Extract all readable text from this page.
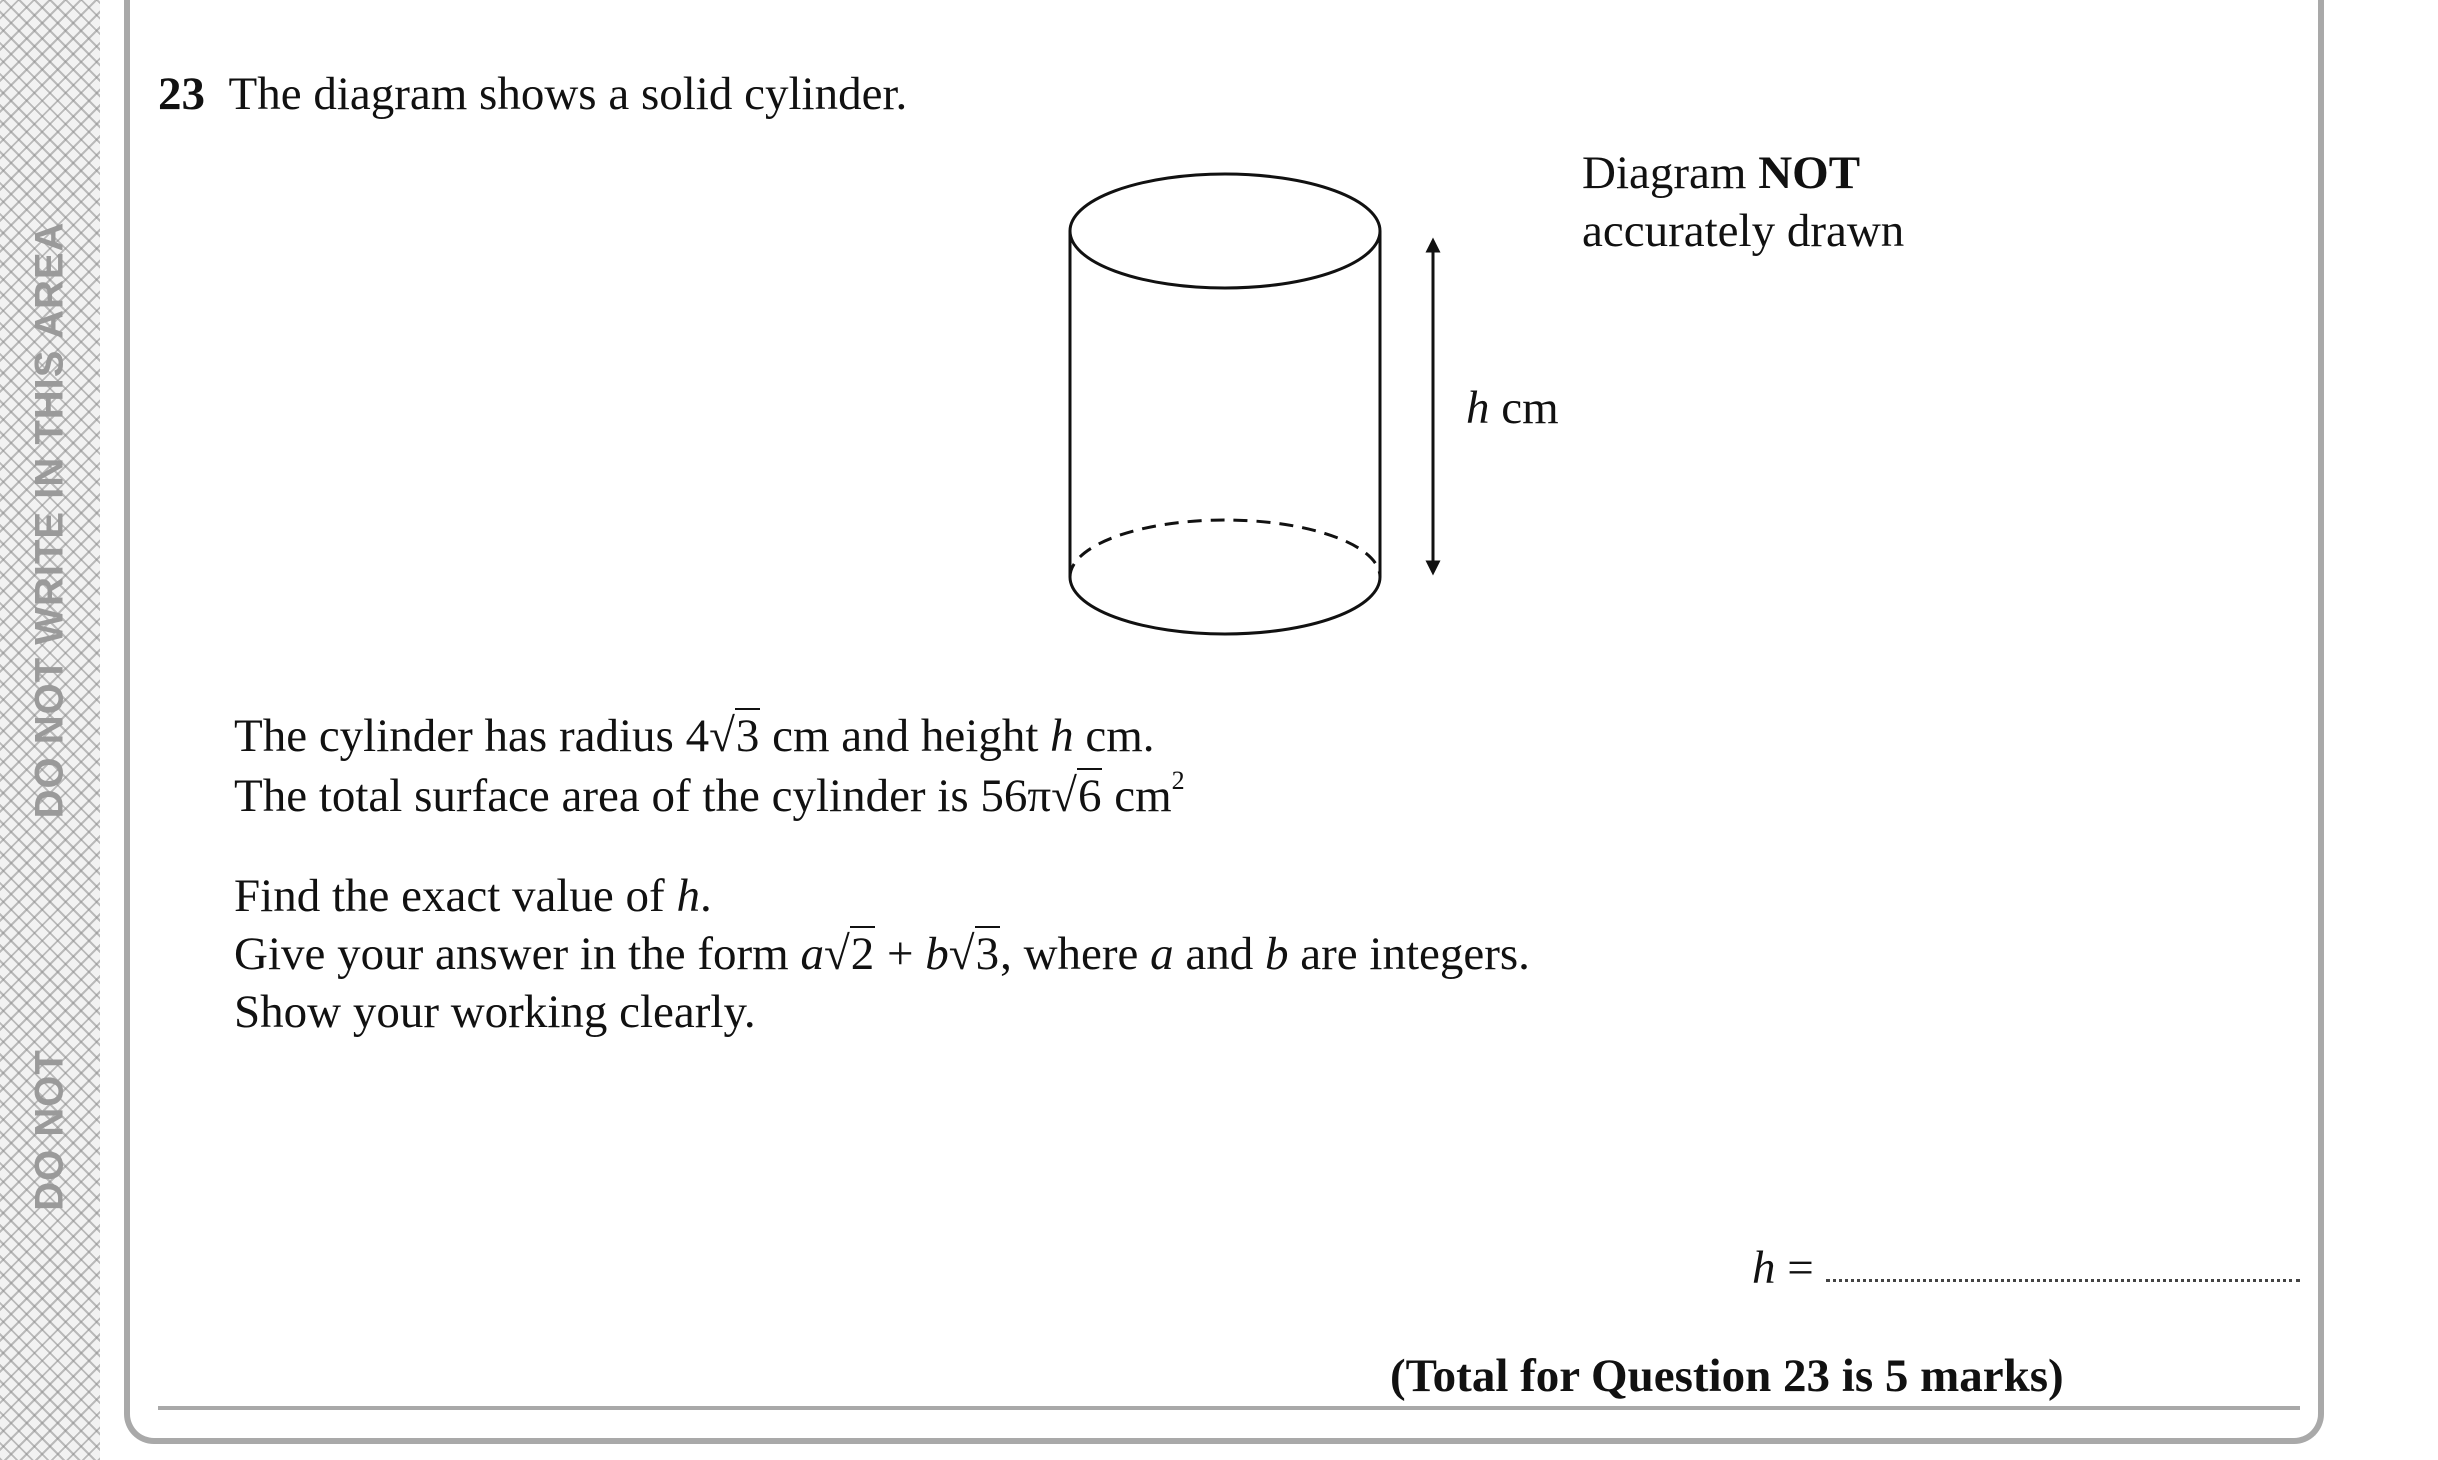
DO NOT WRITE IN THIS AREA
DO NOT
23 The diagram shows a solid cylinder.
Diagram NOT
accurately drawn
h cm
The cylinder has radius 4√3 cm and height h cm.
The total surface area of the cylinder is 56π√6 $cm^2$
Find the exact value of h.
Give your answer in the form a√2 + b√3, where a and b are integers.
Show your working clearly.
h =
(Total for Question 23 is 5 marks)
